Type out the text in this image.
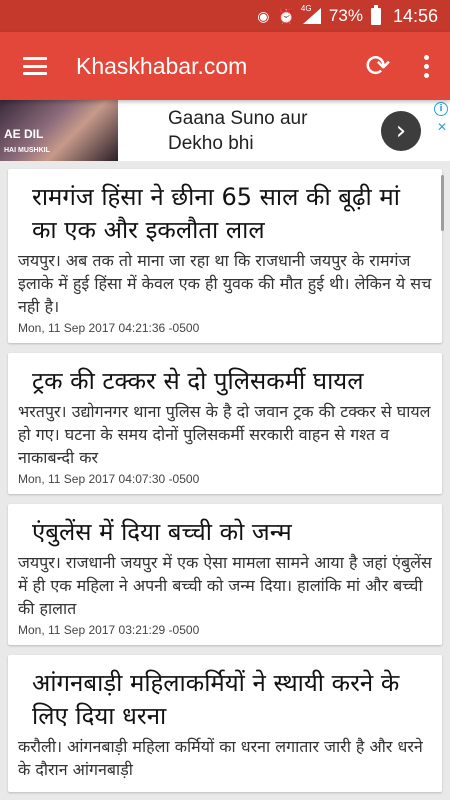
◉ ⏰ 4G 73% 14:56
Khaskhabar.com	⟳
AE DIL
HAI MUSHKIL
Gaana Suno aur
Dekho bhi	›
i
✕
रामगंज हिंसा ने छीना 65 साल की बूढ़ी मां का एक और इकलौता लाल
जयपुर। अब तक तो माना जा रहा था कि राजधानी जयपुर के रामगंज इलाके में हुई हिंसा में केवल एक ही युवक की मौत हुई थी। लेकिन ये सच नही है।
Mon, 11 Sep 2017 04:21:36 -0500
ट्रक की टक्कर से दो पुलिसकर्मी घायल
भरतपुर। उद्योगनगर थाना पुलिस के है दो जवान ट्रक की टक्कर से घायल हो गए। घटना के समय दोनों पुलिसकर्मी सरकारी वाहन से गश्त व नाकाबन्दी कर
Mon, 11 Sep 2017 04:07:30 -0500
एंबुलेंस में दिया बच्ची को जन्म
जयपुर। राजधानी जयपुर में एक ऐसा मामला सामने आया है जहां एंबुलेंस में ही एक महिला ने अपनी बच्ची को जन्म दिया। हालांकि मां और बच्ची की हालात
Mon, 11 Sep 2017 03:21:29 -0500
आंगनबाड़ी महिलाकर्मियों ने स्थायी करने के लिए दिया धरना
करौली। आंगनबाड़ी महिला कर्मियों का धरना लगातार जारी है और धरने के दौरान आंगनबाड़ी
